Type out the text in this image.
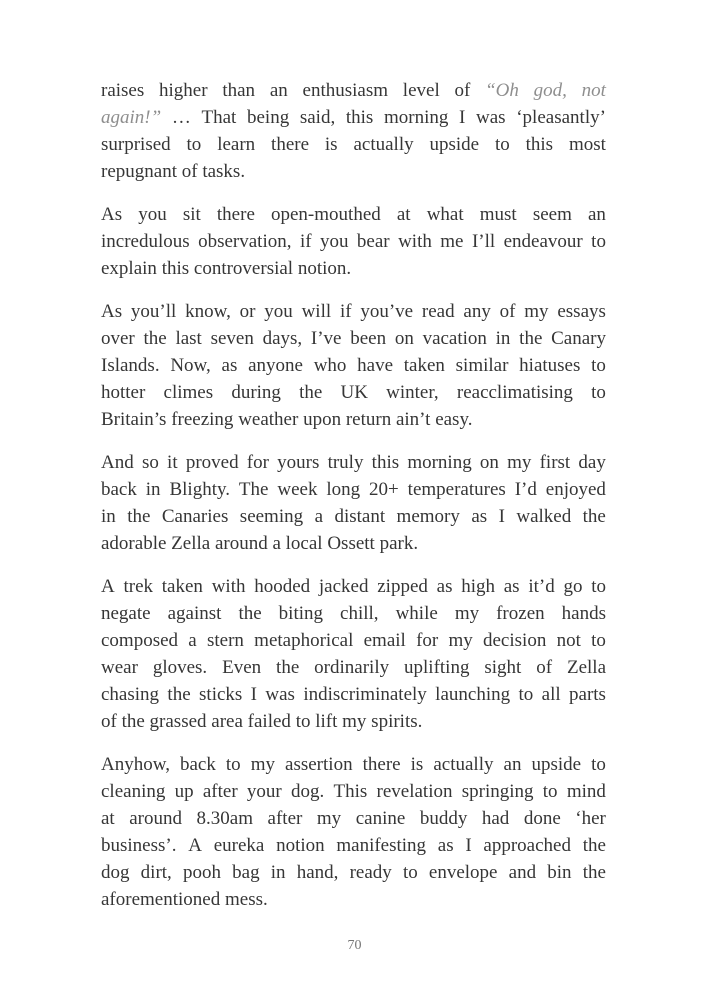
raises higher than an enthusiasm level of “Oh god, not
again!” … That being said, this morning I was ‘pleasantly’
surprised to learn there is actually upside to this most
repugnant of tasks.
As you sit there open-mouthed at what must seem an
incredulous observation, if you bear with me I’ll endeavour to
explain this controversial notion.
As you’ll know, or you will if you’ve read any of my essays
over the last seven days, I’ve been on vacation in the Canary
Islands. Now, as anyone who have taken similar hiatuses to
hotter climes during the UK winter, reacclimatising to
Britain’s freezing weather upon return ain’t easy.
And so it proved for yours truly this morning on my first day
back in Blighty. The week long 20+ temperatures I’d enjoyed
in the Canaries seeming a distant memory as I walked the
adorable Zella around a local Ossett park.
A trek taken with hooded jacked zipped as high as it’d go to
negate against the biting chill, while my frozen hands
composed a stern metaphorical email for my decision not to
wear gloves. Even the ordinarily uplifting sight of Zella
chasing the sticks I was indiscriminately launching to all parts
of the grassed area failed to lift my spirits.
Anyhow, back to my assertion there is actually an upside to
cleaning up after your dog. This revelation springing to mind
at around 8.30am after my canine buddy had done ‘her
business’. A eureka notion manifesting as I approached the
dog dirt, pooh bag in hand, ready to envelope and bin the
aforementioned mess.
70
